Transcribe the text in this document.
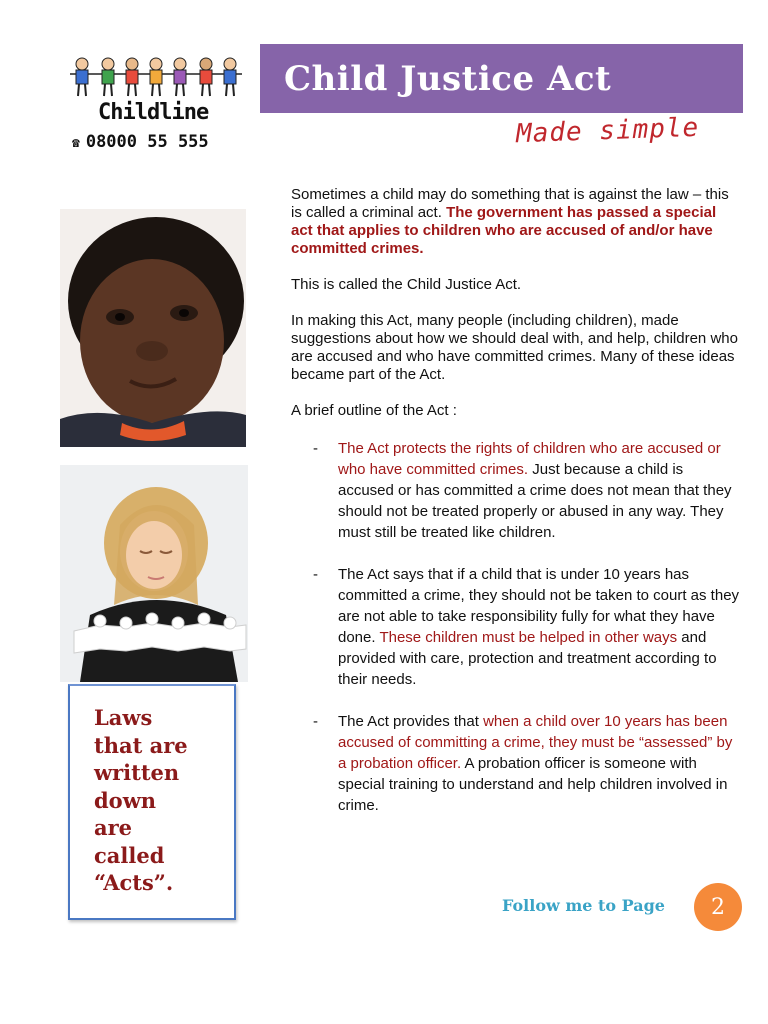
Childline
☎ 08000 55 555
Child Justice Act
Made simple

Laws
that are
written
down
are
called
“Acts”.

Sometimes a child may do something that is against the law – this is called a criminal act. The government has passed a special act that applies to children who are accused of and/or have committed crimes.

This is called the Child Justice Act.

In making this Act, many people (including children), made suggestions about how we should deal with, and help, children who are accused and who have committed crimes. Many of these ideas became part of the Act.

A brief outline of the Act :

- The Act protects the rights of children who are accused or who have committed crimes. Just because a child is accused or has committed a crime does not mean that they should not be treated properly or abused in any way. They must still be treated like children.
- The Act says that if a child that is under 10 years has committed a crime, they should not be taken to court as they are not able to take responsibility fully for what they have done. These children must be helped in other ways and provided with care, protection and treatment according to their needs.
- The Act provides that when a child over 10 years has been accused of committing a crime, they must be “assessed” by a probation officer. A probation officer is someone with special training to understand and help children involved in crime.
Follow me to Page	2
